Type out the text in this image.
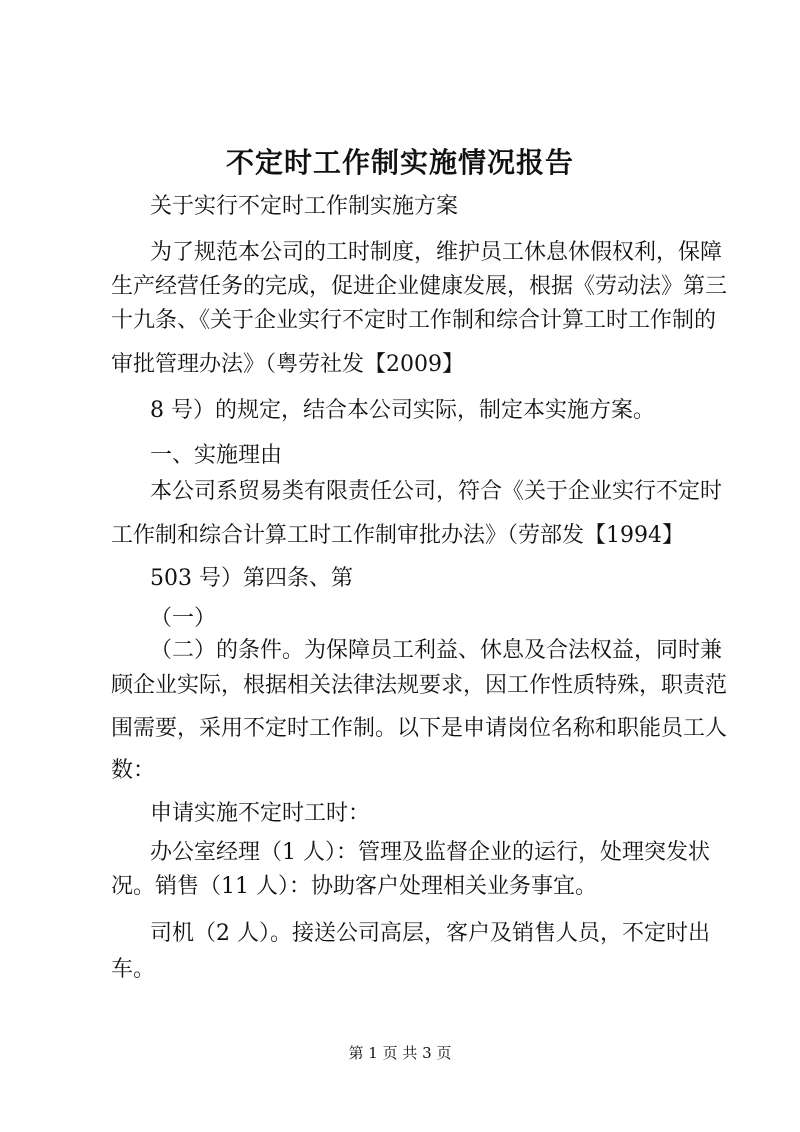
不定时工作制实施情况报告
关于实行不定时工作制实施方案
为了规范本公司的工时制度，维护员工休息休假权利，保障
生产经营任务的完成，促进企业健康发展，根据《劳动法》第三
十九条、《关于企业实行不定时工作制和综合计算工时工作制的
审批管理办法》（粤劳社发【2009】
8 号）的规定，结合本公司实际，制定本实施方案。
一、实施理由
本公司系贸易类有限责任公司，符合《关于企业实行不定时
工作制和综合计算工时工作制审批办法》（劳部发【1994】
503 号）第四条、第
（一）
（二）的条件。为保障员工利益、休息及合法权益，同时兼
顾企业实际，根据相关法律法规要求，因工作性质特殊，职责范
围需要，采用不定时工作制。以下是申请岗位名称和职能员工人
数：
申请实施不定时工时：
办公室经理（1 人）：管理及监督企业的运行，处理突发状
况。销售（11 人）：协助客户处理相关业务事宜。
司机（2 人）。接送公司高层，客户及销售人员，不定时出
车。
第 1 页 共 3 页
